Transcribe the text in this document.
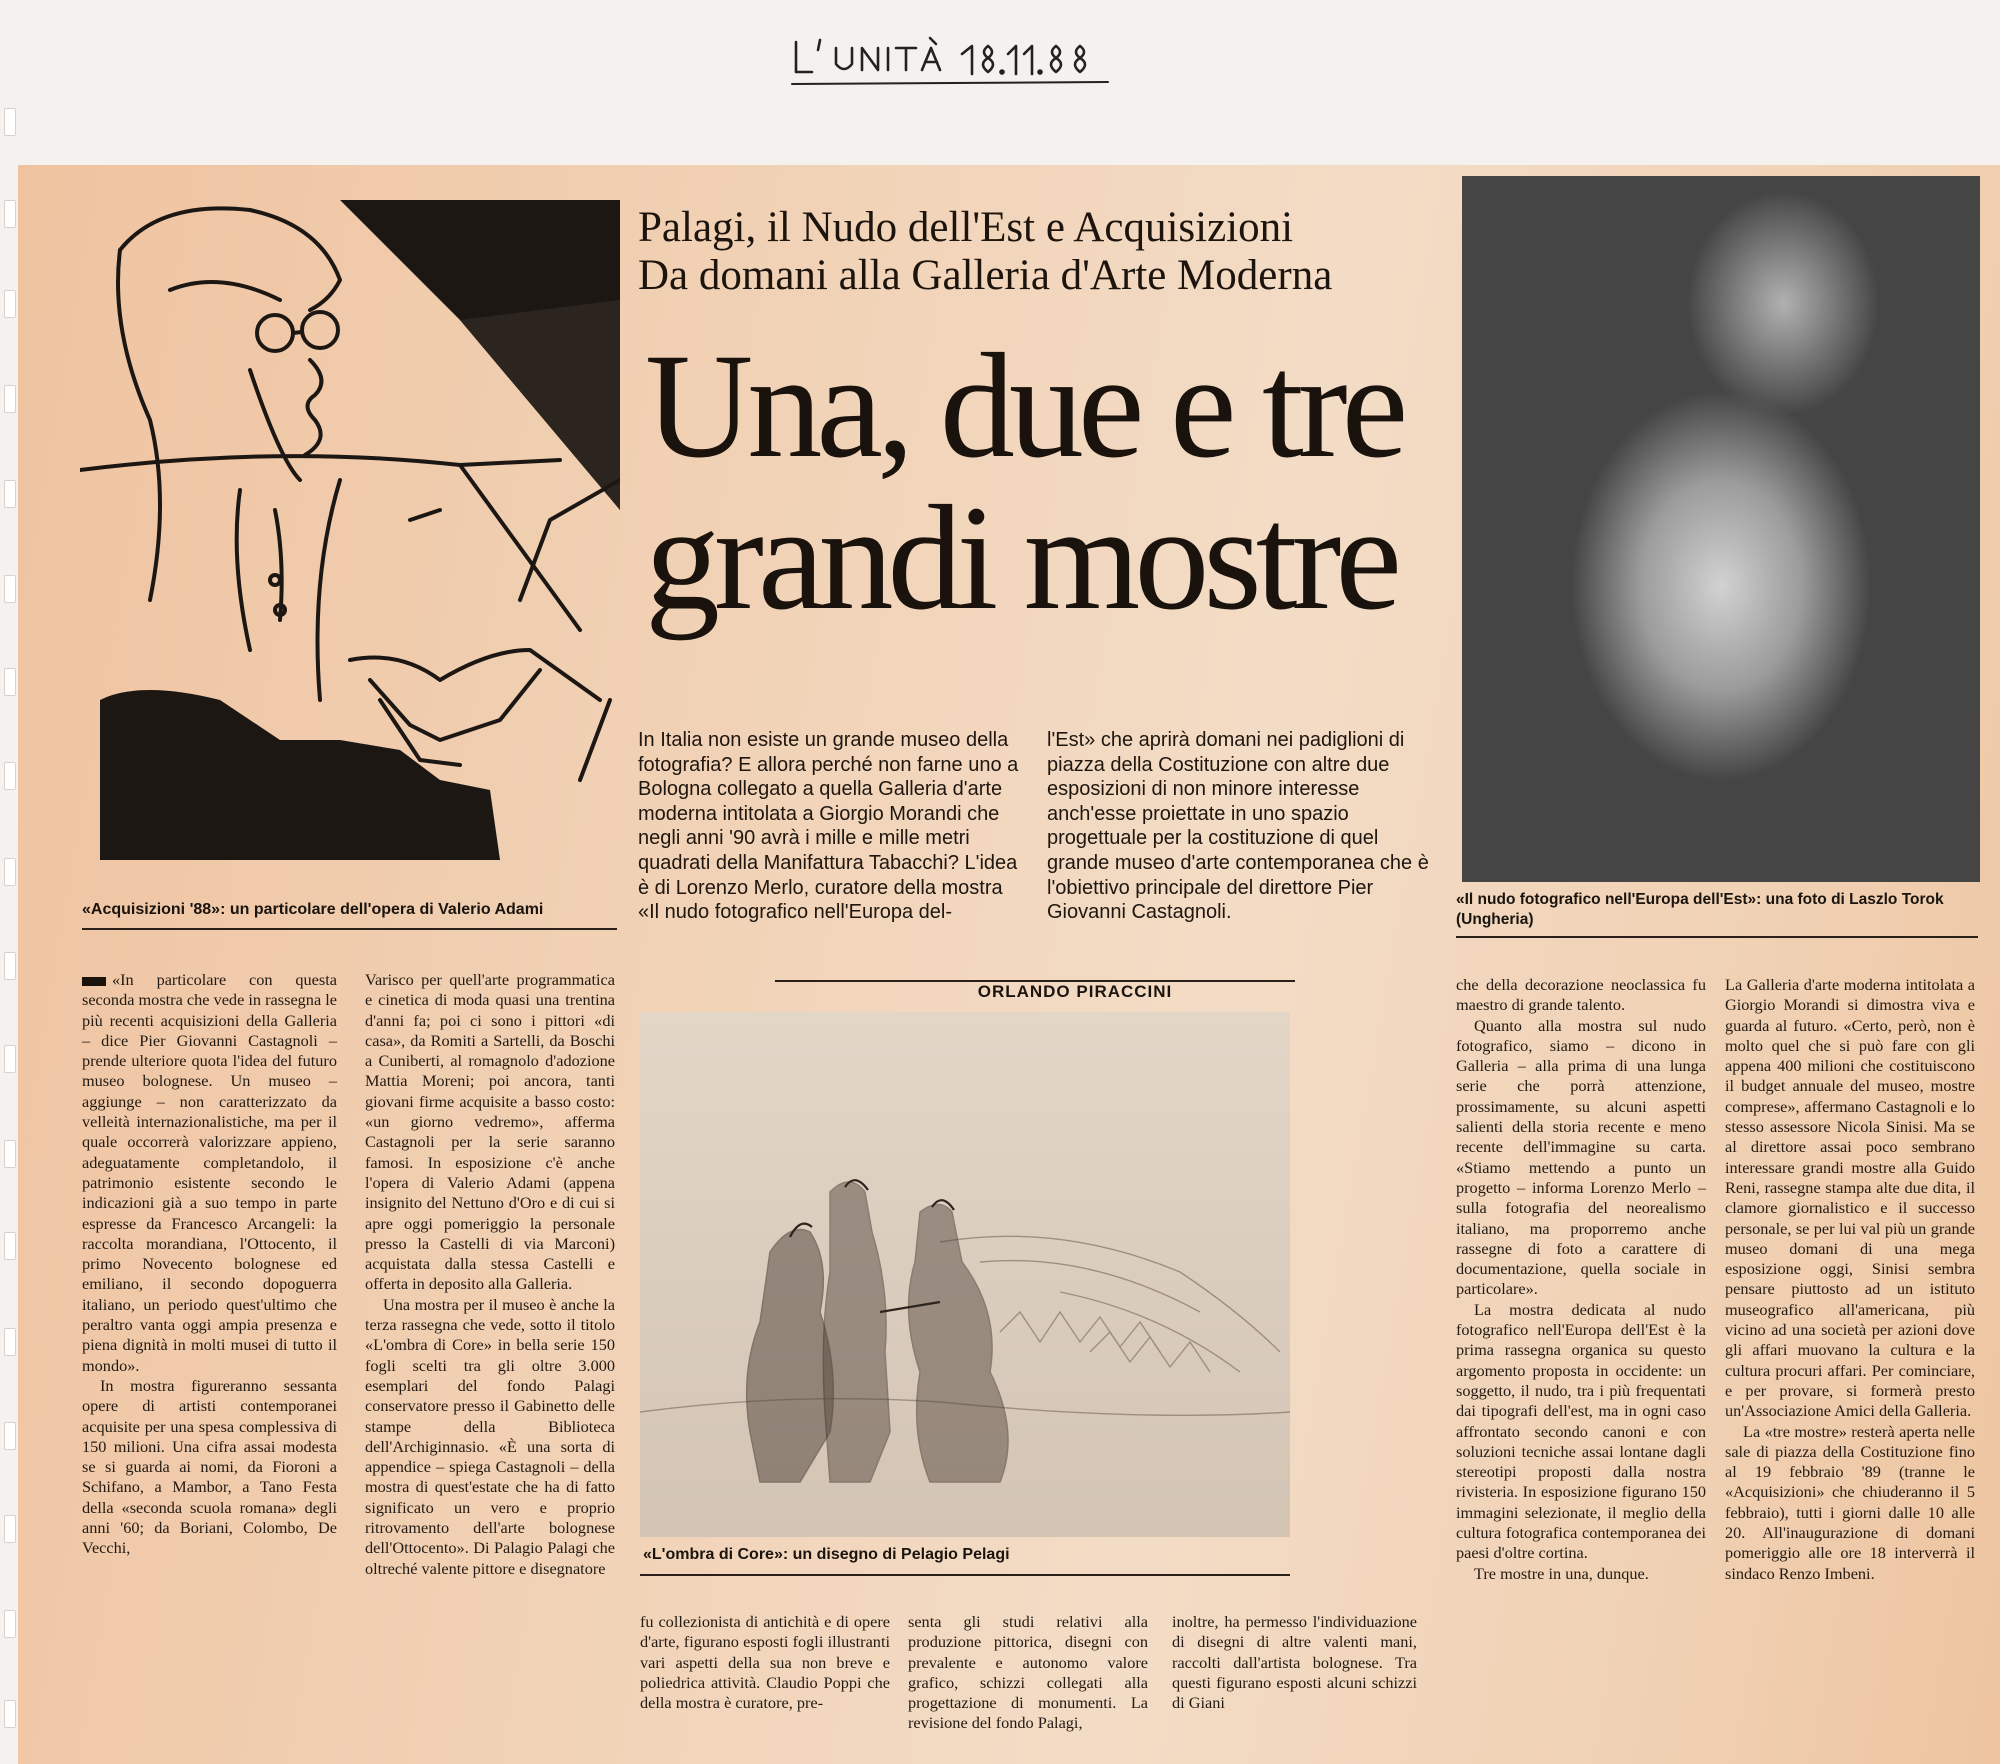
«Acquisizioni '88»: un particolare dell'opera di Valerio Adami
Palagi, il Nudo dell'Est e Acquisizioni
Da domani alla Galleria d'Arte Moderna
Una, due e tre
grandi mostre
In Italia non esiste un grande museo della fotografia? E allora perché non farne uno a Bologna collegato a quella Galleria d'arte moderna intitolata a Giorgio Morandi che negli anni '90 avrà i mille e mille metri quadrati della Manifattura Tabacchi? L'idea è di Lorenzo Merlo, curatore della mostra «Il nudo fotografico nell'Europa del-
l'Est» che aprirà domani nei padiglioni di piazza della Costituzione con altre due esposizioni di non minore interesse anch'esse proiettate in uno spazio progettuale per la costituzione di quel grande museo d'arte contemporanea che è l'obiettivo principale del direttore Pier Giovanni Castagnoli.
«Il nudo fotografico nell'Europa dell'Est»: una foto di Laszlo Torok (Ungheria)
ORLANDO PIRACCINI
«L'ombra di Core»: un disegno di Pelagio Pelagi
«In particolare con questa seconda mostra che vede in rassegna le più recenti acquisizioni della Galleria – dice Pier Giovanni Castagnoli – prende ulteriore quota l'idea del futuro museo bolognese. Un museo – aggiunge – non caratterizzato da velleità internazionalistiche, ma per il quale occorrerà valorizzare appieno, adeguatamente completandolo, il patrimonio esistente secondo le indicazioni già a suo tempo in parte espresse da Francesco Arcangeli: la raccolta morandiana, l'Ottocento, il primo Novecento bolognese ed emiliano, il secondo dopoguerra italiano, un periodo quest'ultimo che peraltro vanta oggi ampia presenza e piena dignità in molti musei di tutto il mondo».
In mostra figureranno sessanta opere di artisti contemporanei acquisite per una spesa complessiva di 150 milioni. Una cifra assai modesta se si guarda ai nomi, da Fioroni a Schifano, a Mambor, a Tano Festa della «seconda scuola romana» degli anni '60; da Boriani, Colombo, De Vecchi,
Varisco per quell'arte programmatica e cinetica di moda quasi una trentina d'anni fa; poi ci sono i pittori «di casa», da Romiti a Sartelli, da Boschi a Cuniberti, al romagnolo d'adozione Mattia Moreni; poi ancora, tanti giovani firme acquisite a basso costo: «un giorno vedremo», afferma Castagnoli per la serie saranno famosi. In esposizione c'è anche l'opera di Valerio Adami (appena insignito del Nettuno d'Oro e di cui si apre oggi pomeriggio la personale presso la Castelli di via Marconi) acquistata dalla stessa Castelli e offerta in deposito alla Galleria.
Una mostra per il museo è anche la terza rassegna che vede, sotto il titolo «L'ombra di Core» in bella serie 150 fogli scelti tra gli oltre 3.000 esemplari del fondo Palagi conservatore presso il Gabinetto delle stampe della Biblioteca dell'Archiginnasio. «È una sorta di appendice – spiega Castagnoli – della mostra di quest'estate che ha di fatto significato un vero e proprio ritrovamento dell'arte bolognese dell'Ottocento». Di Palagio Palagi che oltreché valente pittore e disegnatore
fu collezionista di antichità e di opere d'arte, figurano esposti fogli illustranti vari aspetti della sua non breve e poliedrica attività. Claudio Poppi che della mostra è curatore, pre-
senta gli studi relativi alla produzione pittorica, disegni con prevalente e autonomo valore grafico, schizzi collegati alla progettazione di monumenti. La revisione del fondo Palagi,
inoltre, ha permesso l'individuazione di disegni di altre valenti mani, raccolti dall'artista bolognese. Tra questi figurano esposti alcuni schizzi di Giani
che della decorazione neoclassica fu maestro di grande talento.
Quanto alla mostra sul nudo fotografico, siamo – dicono in Galleria – alla prima di una lunga serie che porrà attenzione, prossimamente, su alcuni aspetti salienti della storia recente e meno recente dell'immagine su carta. «Stiamo mettendo a punto un progetto – informa Lorenzo Merlo – sulla fotografia del neorealismo italiano, ma proporremo anche rassegne di foto a carattere di documentazione, quella sociale in particolare».
La mostra dedicata al nudo fotografico nell'Europa dell'Est è la prima rassegna organica su questo argomento proposta in occidente: un soggetto, il nudo, tra i più frequentati dai tipografi dell'est, ma in ogni caso affrontato secondo canoni e con soluzioni tecniche assai lontane dagli stereotipi proposti dalla nostra rivisteria. In esposizione figurano 150 immagini selezionate, il meglio della cultura fotografica contemporanea dei paesi d'oltre cortina.
Tre mostre in una, dunque.
La Galleria d'arte moderna intitolata a Giorgio Morandi si dimostra viva e guarda al futuro. «Certo, però, non è molto quel che si può fare con gli appena 400 milioni che costituiscono il budget annuale del museo, mostre comprese», affermano Castagnoli e lo stesso assessore Nicola Sinisi. Ma se al direttore assai poco sembrano interessare grandi mostre alla Guido Reni, rassegne stampa alte due dita, il clamore giornalistico e il successo personale, se per lui val più un grande museo domani di una mega esposizione oggi, Sinisi sembra pensare piuttosto ad un istituto museografico all'americana, più vicino ad una società per azioni dove gli affari muovano la cultura e la cultura procuri affari. Per cominciare, e per provare, si formerà presto un'Associazione Amici della Galleria.
La «tre mostre» resterà aperta nelle sale di piazza della Costituzione fino al 19 febbraio '89 (tranne le «Acquisizioni» che chiuderanno il 5 febbraio), tutti i giorni dalle 10 alle 20. All'inaugurazione di domani pomeriggio alle ore 18 interverrà il sindaco Renzo Imbeni.
